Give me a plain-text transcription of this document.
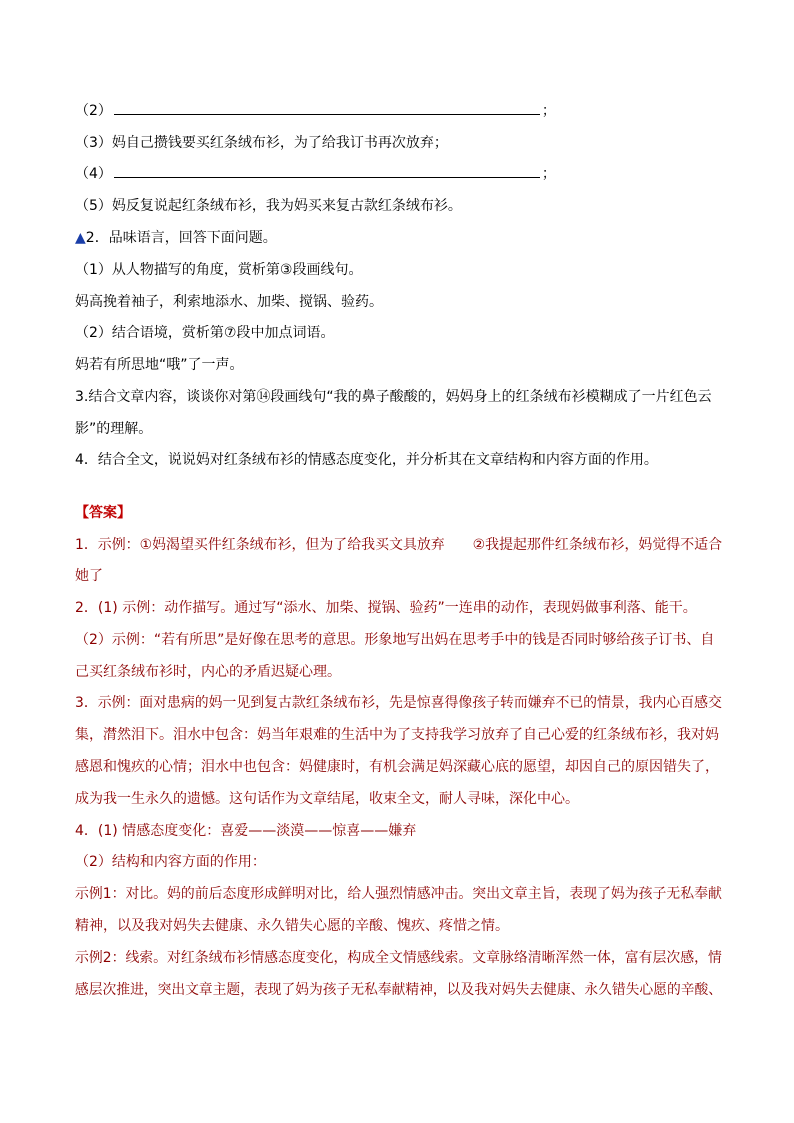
（2）	；
（3）妈自己攒钱要买红条绒布衫，为了给我订书再次放弃；
（4）	；
（5）妈反复说起红条绒布衫，我为妈买来复古款红条绒布衫。
▲2．品味语言，回答下面问题。
（1）从人物描写的角度，赏析第③段画线句。
妈高挽着袖子，利索地添水、加柴、搅锅、验药。
（2）结合语境，赏析第⑦段中加点词语。
妈若有所思地“哦”了一声。
3.结合文章内容，谈谈你对第⑭段画线句“我的鼻子酸酸的，妈妈身上的红条绒布衫模糊成了一片红色云
影”的理解。
4．结合全文，说说妈对红条绒布衫的情感态度变化，并分析其在文章结构和内容方面的作用。
【答案】
1．示例：①妈渴望买件红条绒布衫，但为了给我买文具放弃 ②我提起那件红条绒布衫，妈觉得不适合
她了
2．(1) 示例：动作描写。通过写“添水、加柴、搅锅、验药”一连串的动作，表现妈做事利落、能干。
（2）示例：“若有所思”是好像在思考的意思。形象地写出妈在思考手中的钱是否同时够给孩子订书、自
己买红条绒布衫时，内心的矛盾迟疑心理。
3．示例：面对患病的妈一见到复古款红条绒布衫，先是惊喜得像孩子转而嫌弃不已的情景，我内心百感交
集，潸然泪下。泪水中包含：妈当年艰难的生活中为了支持我学习放弃了自己心爱的红条绒布衫，我对妈
感恩和愧疚的心情；泪水中也包含：妈健康时，有机会满足妈深藏心底的愿望，却因自己的原因错失了，
成为我一生永久的遗憾。这句话作为文章结尾，收束全文，耐人寻味，深化中心。
4．(1) 情感态度变化：喜爱——淡漠——惊喜——嫌弃
（2）结构和内容方面的作用：
示例1：对比。妈的前后态度形成鲜明对比，给人强烈情感冲击。突出文章主旨，表现了妈为孩子无私奉献
精神，以及我对妈失去健康、永久错失心愿的辛酸、愧疚、疼惜之情。
示例2：线索。对红条绒布衫情感态度变化，构成全文情感线索。文章脉络清晰浑然一体，富有层次感，情
感层次推进，突出文章主题，表现了妈为孩子无私奉献精神，以及我对妈失去健康、永久错失心愿的辛酸、
